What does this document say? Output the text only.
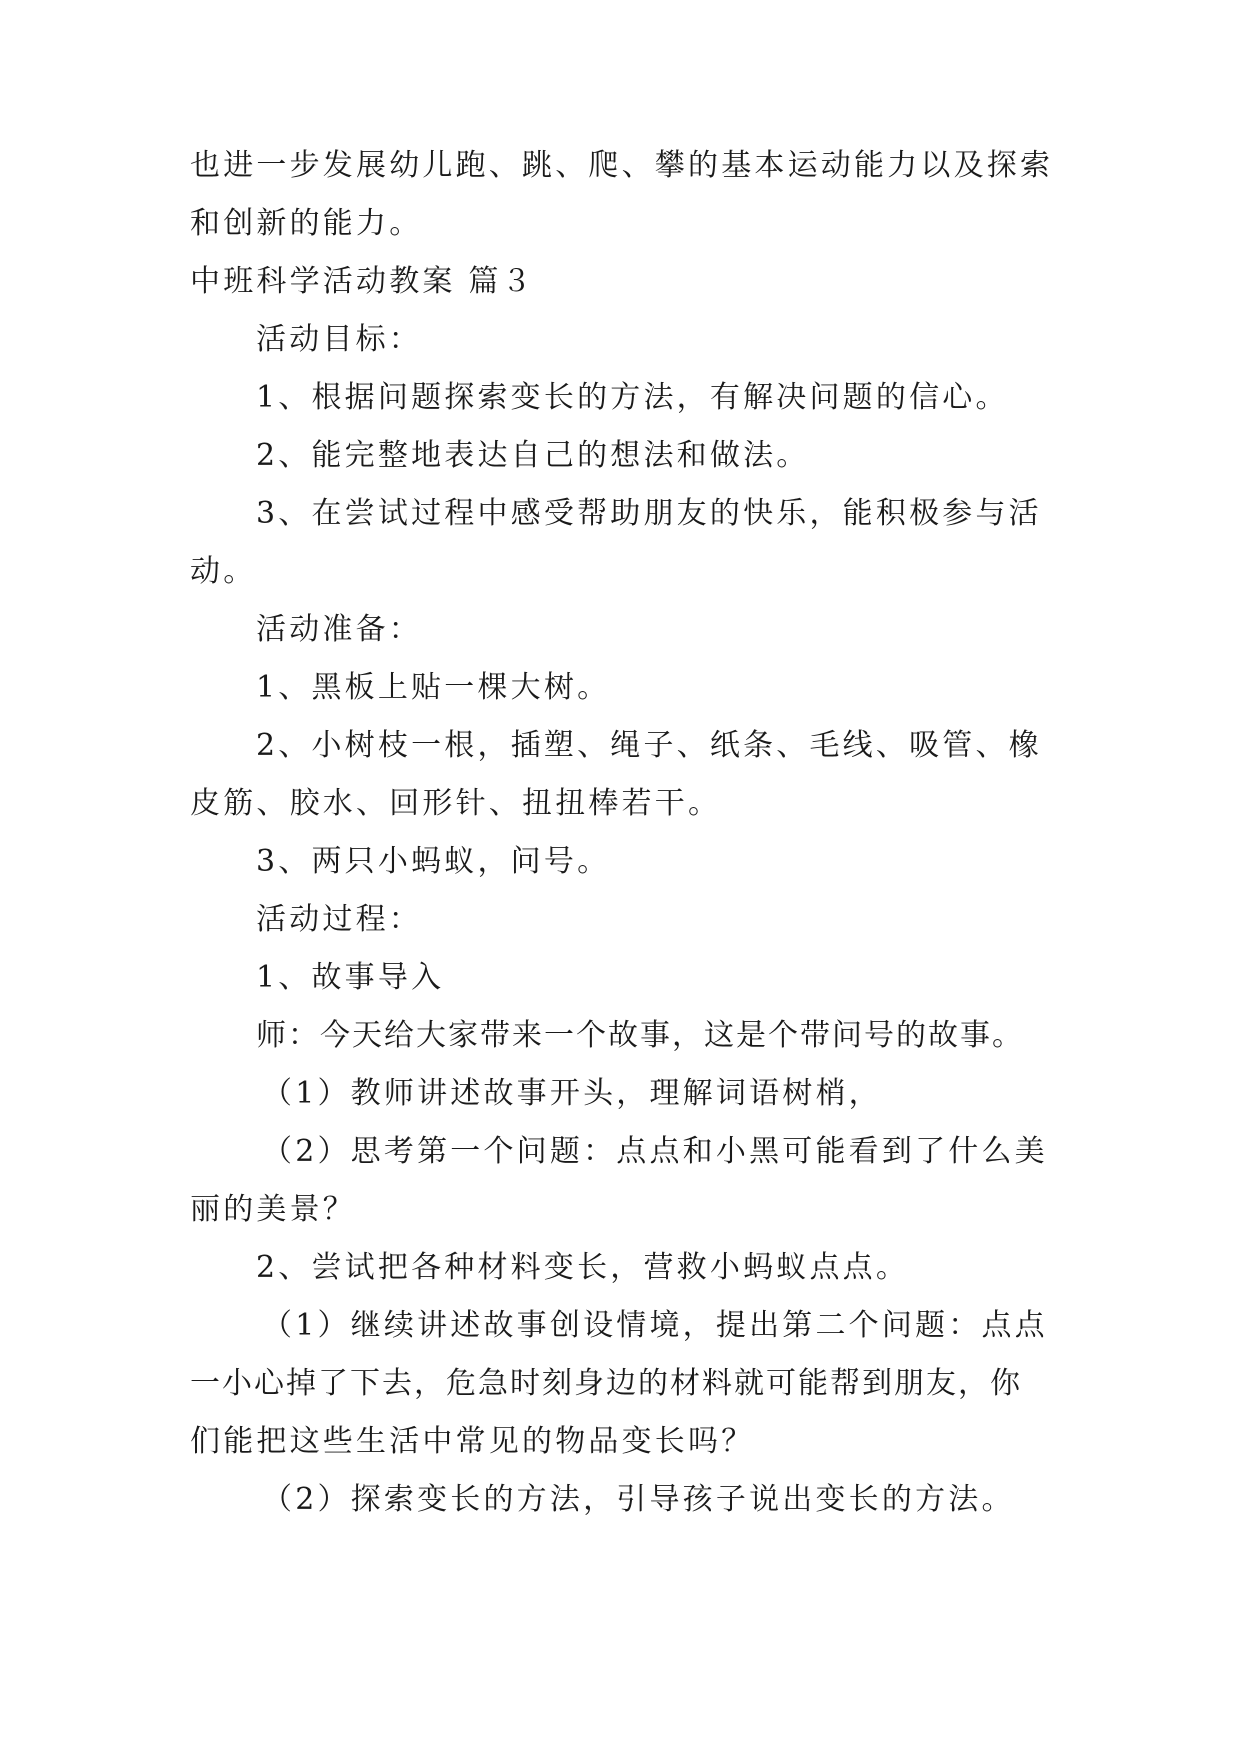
也进一步发展幼儿跑、跳、爬、攀的基本运动能力以及探索
和创新的能力。
中班科学活动教案 篇３
活动目标：
1、根据问题探索变长的方法，有解决问题的信心。
2、能完整地表达自己的想法和做法。
3、在尝试过程中感受帮助朋友的快乐，能积极参与活
动。
活动准备：
1、黑板上贴一棵大树。
2、小树枝一根，插塑、绳子、纸条、毛线、吸管、橡
皮筋、胶水、回形针、扭扭棒若干。
3、两只小蚂蚁，问号。
活动过程：
1、故事导入
师：今天给大家带来一个故事，这是个带问号的故事。
（1）教师讲述故事开头，理解词语树梢，
（2）思考第一个问题：点点和小黑可能看到了什么美
丽的美景？
2、尝试把各种材料变长，营救小蚂蚁点点。
（1）继续讲述故事创设情境，提出第二个问题：点点
一小心掉了下去，危急时刻身边的材料就可能帮到朋友，你
们能把这些生活中常见的物品变长吗？
（2）探索变长的方法，引导孩子说出变长的方法。
